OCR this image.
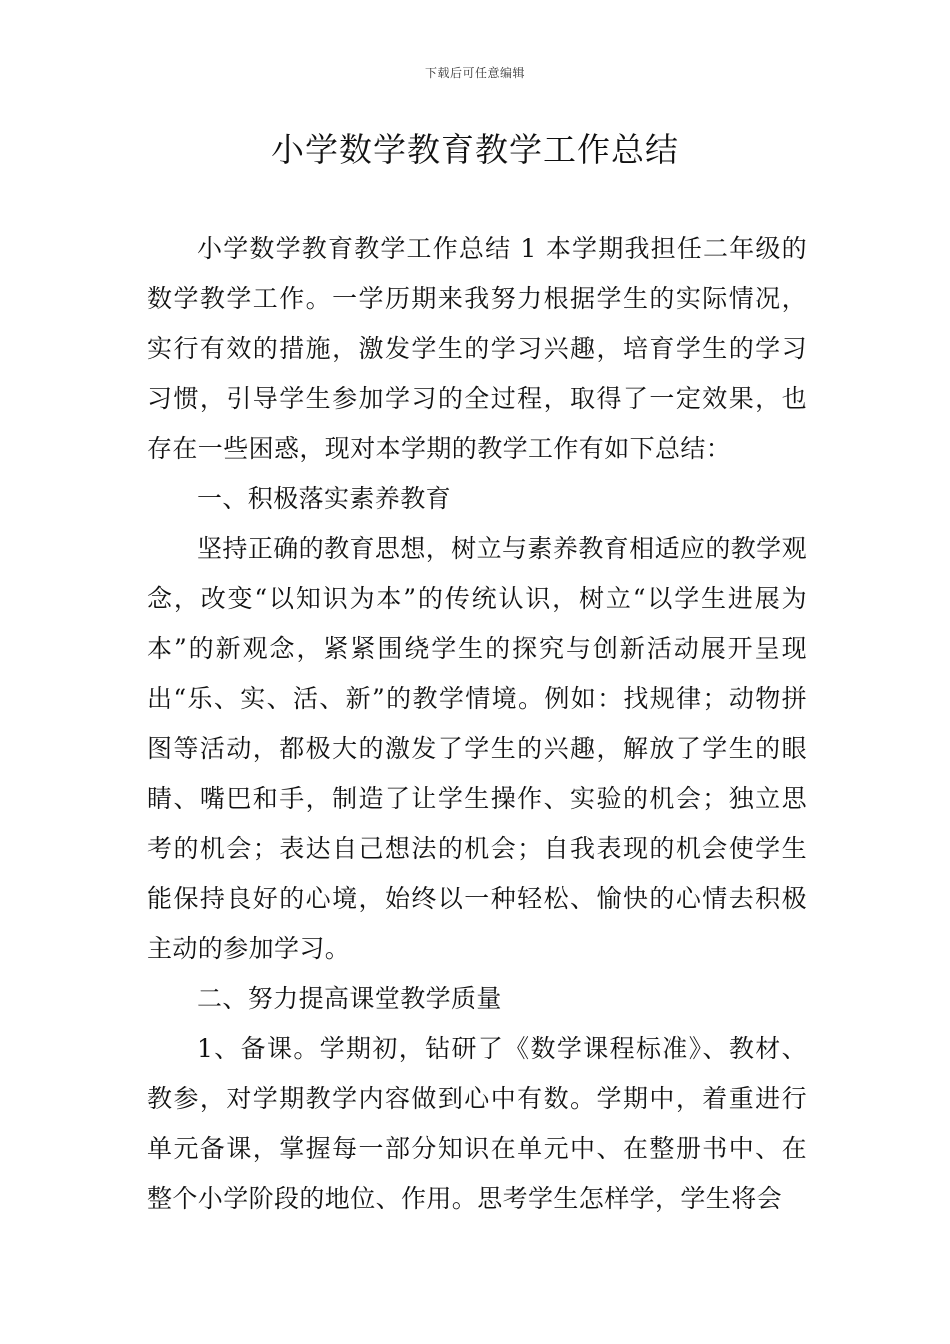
下载后可任意编辑
小学数学教育教学工作总结

小学数学教育教学工作总结 1 本学期我担任二年级的数学教学工作。一学历期来我努力根据学生的实际情况，实行有效的措施，激发学生的学习兴趣，培育学生的学习习惯，引导学生参加学习的全过程，取得了一定效果，也存在一些困惑，现对本学期的教学工作有如下总结：

一、积极落实素养教育

坚持正确的教育思想，树立与素养教育相适应的教学观念，改变“以知识为本”的传统认识，树立“以学生进展为本”的新观念，紧紧围绕学生的探究与创新活动展开呈现出“乐、实、活、新”的教学情境。例如：找规律；动物拼图等活动，都极大的激发了学生的兴趣，解放了学生的眼睛、嘴巴和手，制造了让学生操作、实验的机会；独立思考的机会；表达自己想法的机会；自我表现的机会使学生能保持良好的心境，始终以一种轻松、愉快的心情去积极主动的参加学习。

二、努力提高课堂教学质量

1、备课。学期初，钻研了《数学课程标准》、教材、教参，对学期教学内容做到心中有数。学期中，着重进行单元备课，掌握每一部分知识在单元中、在整册书中、在整个小学阶段的地位、作用。思考学生怎样学，学生将会
